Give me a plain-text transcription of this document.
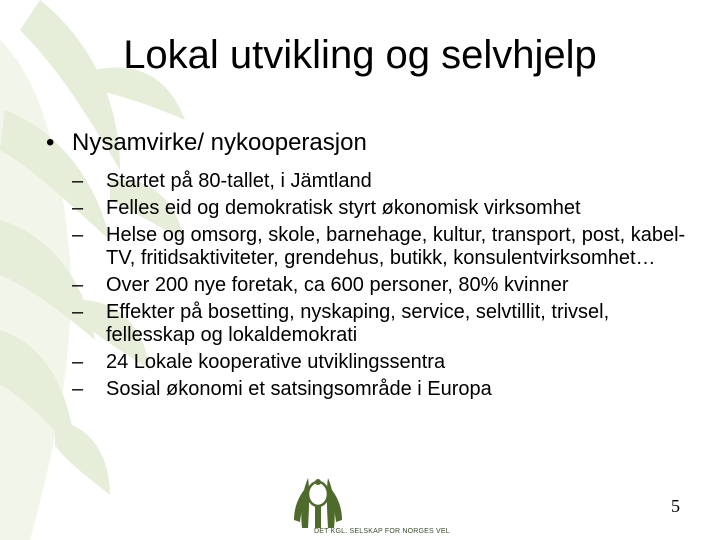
Lokal utvikling og selvhjelp
• Nysamvirke/ nykooperasjon
– Startet på 80-tallet, i Jämtland
– Felles eid og demokratisk styrt økonomisk virksomhet
– Helse og omsorg, skole, barnehage, kultur, transport, post, kabel-TV, fritidsaktiviteter, grendehus, butikk, konsulentvirksomhet…
– Over 200 nye foretak, ca 600 personer, 80% kvinner
– Effekter på bosetting, nyskaping, service, selvtillit, trivsel, fellesskap og lokaldemokrati
– 24 Lokale kooperative utviklingssentra
– Sosial økonomi et satsingsområde i Europa
DET KGL. SELSKAP FOR NORGES VEL
5
